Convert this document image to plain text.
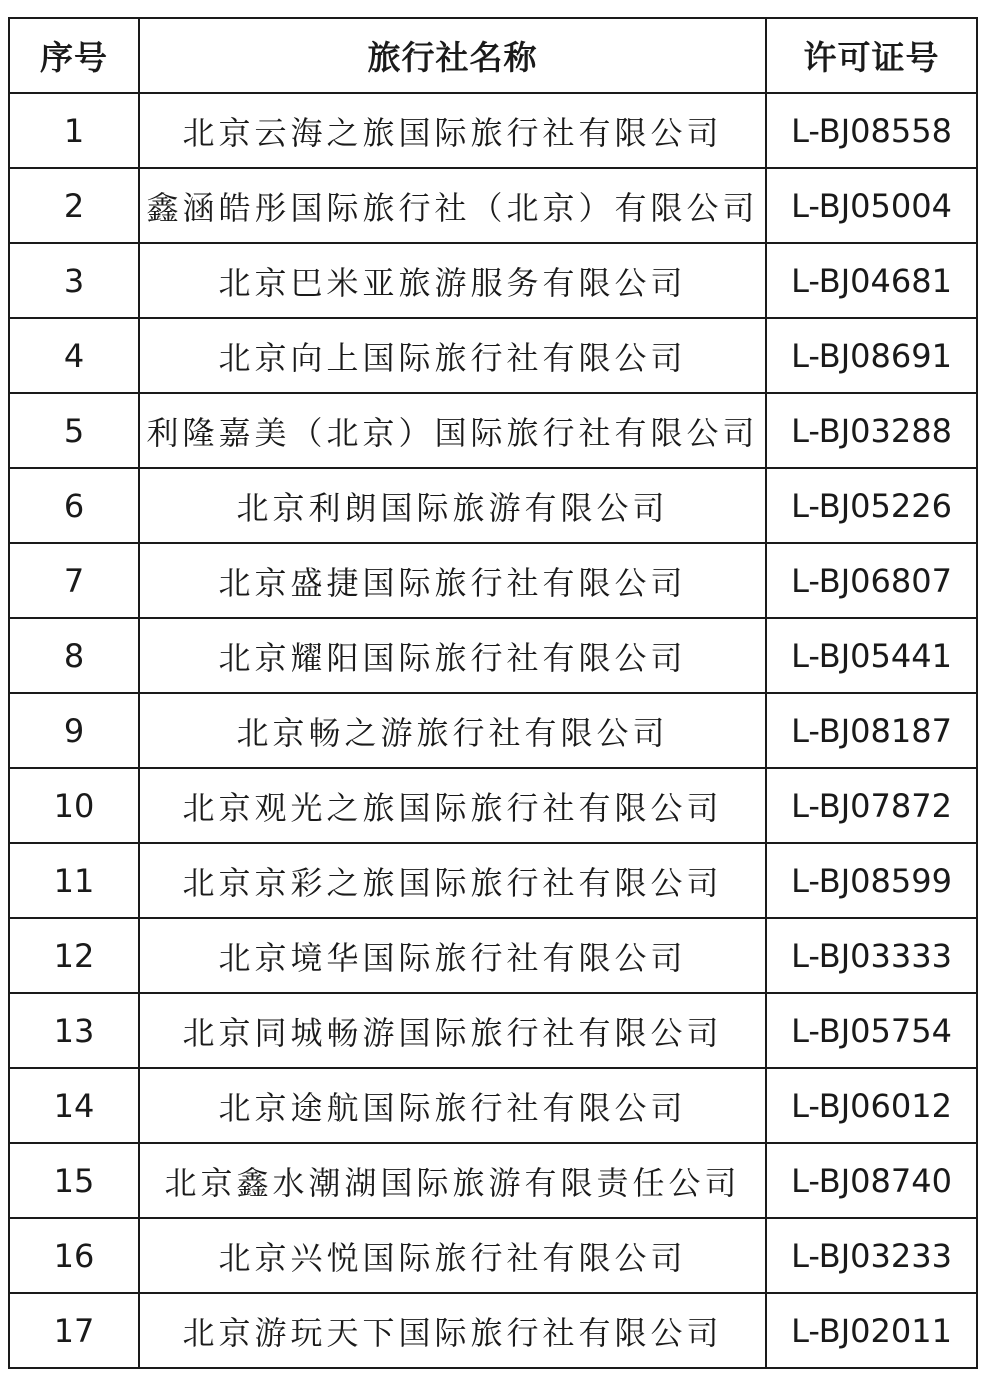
序号	旅行社名称	许可证号
1	北京云海之旅国际旅行社有限公司	L-BJ08558
2	鑫涵皓彤国际旅行社（北京）有限公司	L-BJ05004
3	北京巴米亚旅游服务有限公司	L-BJ04681
4	北京向上国际旅行社有限公司	L-BJ08691
5	利隆嘉美（北京）国际旅行社有限公司	L-BJ03288
6	北京利朗国际旅游有限公司	L-BJ05226
7	北京盛捷国际旅行社有限公司	L-BJ06807
8	北京耀阳国际旅行社有限公司	L-BJ05441
9	北京畅之游旅行社有限公司	L-BJ08187
10	北京观光之旅国际旅行社有限公司	L-BJ07872
11	北京京彩之旅国际旅行社有限公司	L-BJ08599
12	北京境华国际旅行社有限公司	L-BJ03333
13	北京同城畅游国际旅行社有限公司	L-BJ05754
14	北京途航国际旅行社有限公司	L-BJ06012
15	北京鑫水潮湖国际旅游有限责任公司	L-BJ08740
16	北京兴悦国际旅行社有限公司	L-BJ03233
17	北京游玩天下国际旅行社有限公司	L-BJ02011
